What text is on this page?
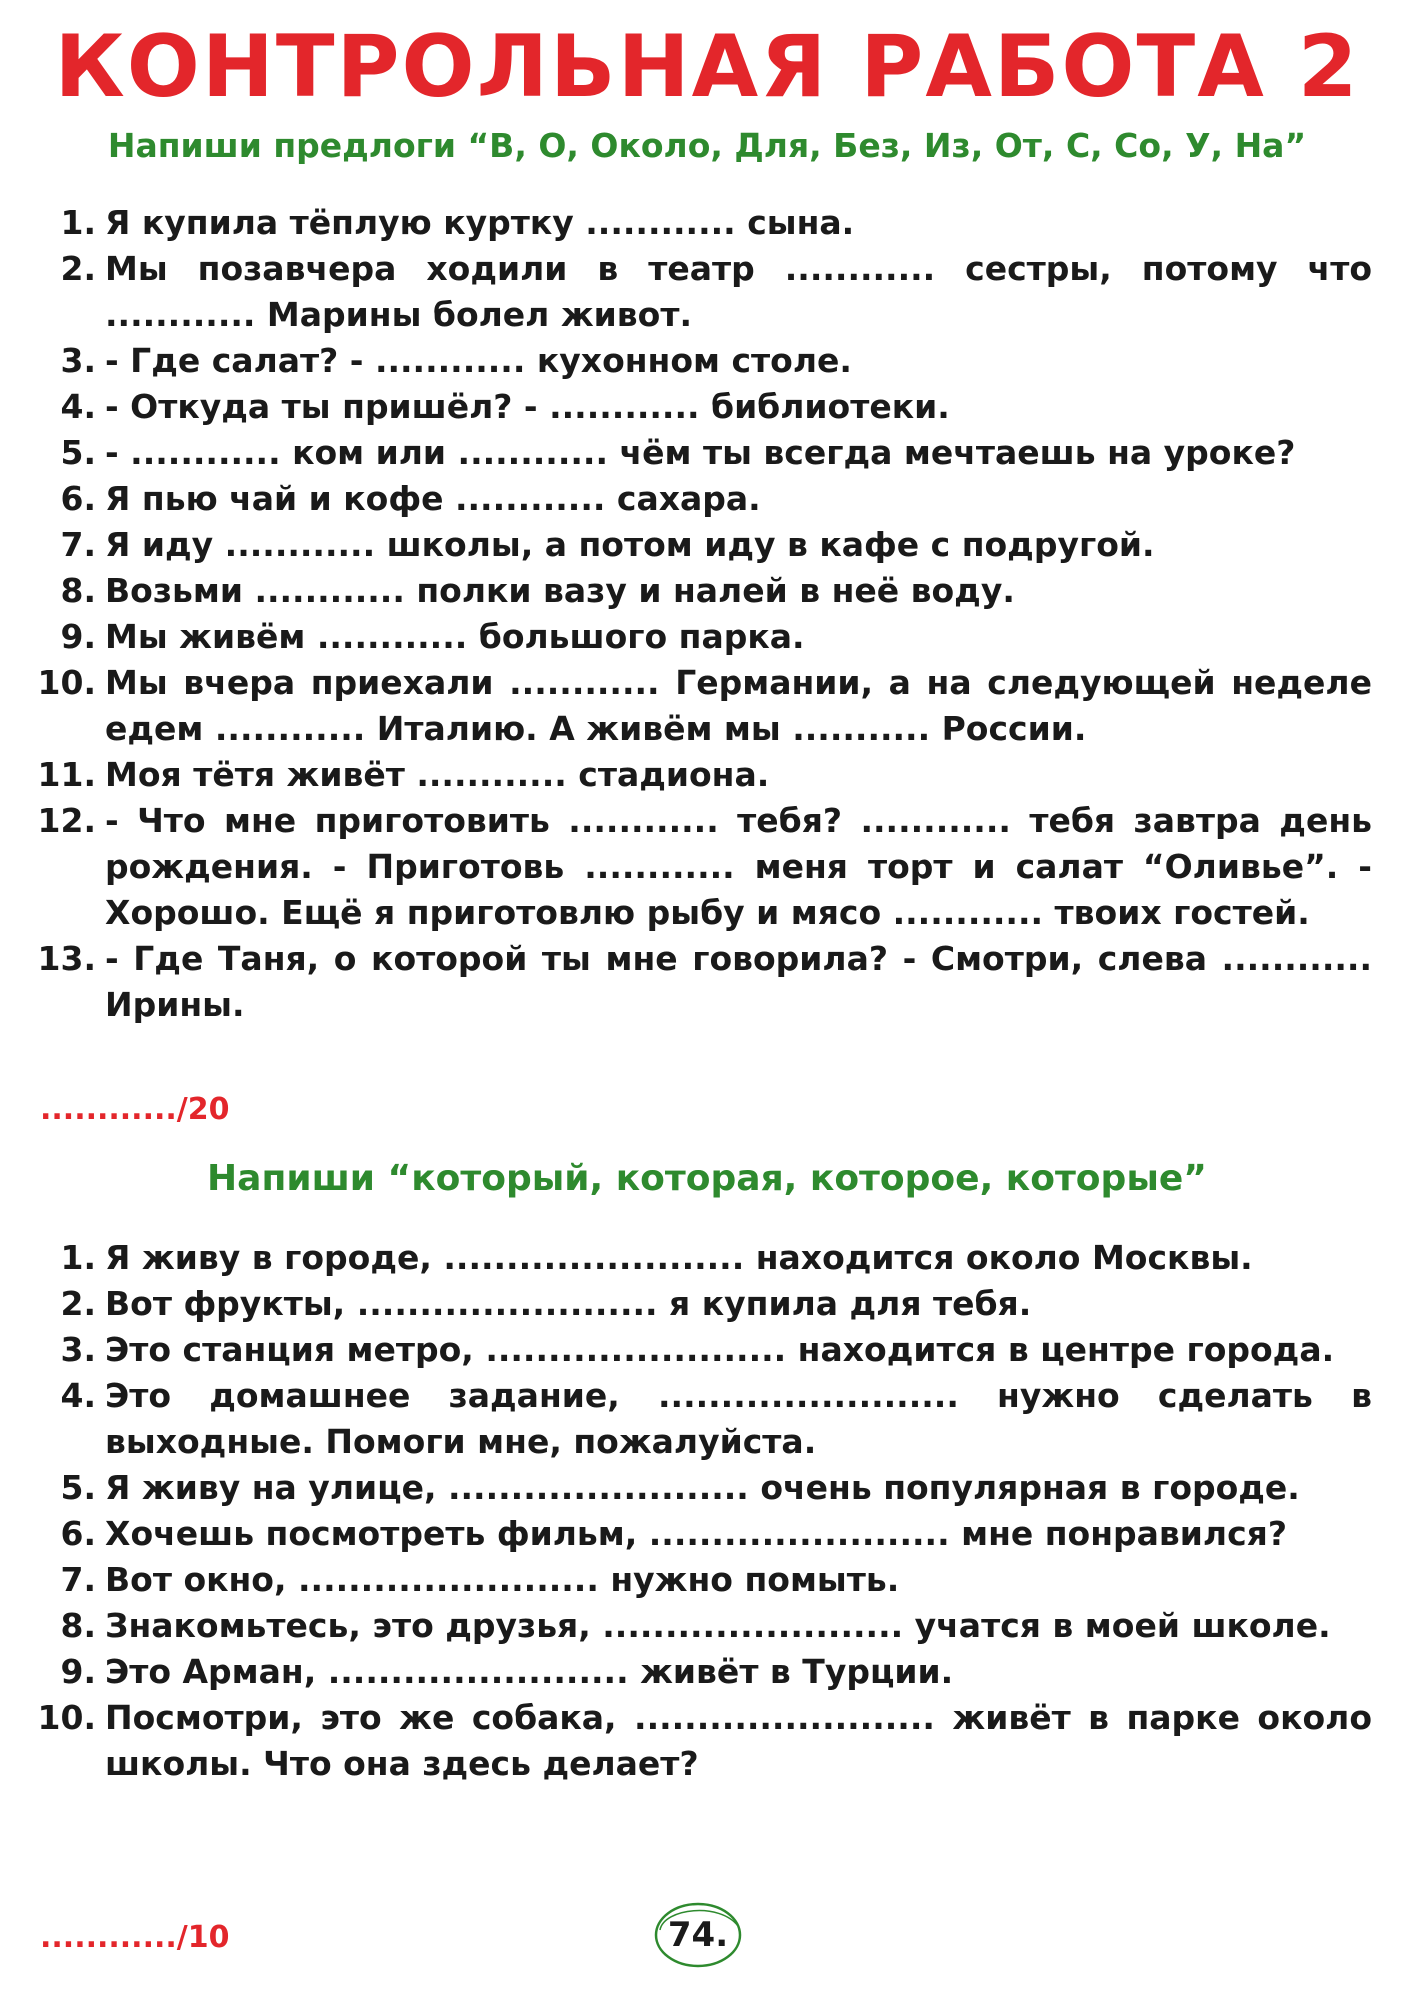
КОНТРОЛЬНАЯ РАБОТА 2
Напиши предлоги “В, О, Около, Для, Без, Из, От, С, Со, У, На”
1. Я купила тёплую куртку ............ сына.
2. Мы позавчера ходили в театр ............ сестры, потому что ............ Марины болел живот.
3. - Где салат? - ............ кухонном столе.
4. - Откуда ты пришёл? - ............ библиотеки.
5. - ............ ком или ............ чём ты всегда мечтаешь на уроке?
6. Я пью чай и кофе ............ сахара.
7. Я иду ............ школы, а потом иду в кафе с подругой.
8. Возьми ............ полки вазу и налей в неё воду.
9. Мы живём ............ большого парка.
10. Мы вчера приехали ............ Германии, а на следующей неделе едем ............ Италию. А живём мы ........... России.
11. Моя тётя живёт ............ стадиона.
12. - Что мне приготовить ............ тебя? ............ тебя завтра день рождения. - Приготовь ............ меня торт и салат “Оливье”. - Хорошо. Ещё я приготовлю рыбу и мясо ............ твоих гостей.
13. - Где Таня, о которой ты мне говорила? - Смотри, слева ............ Ирины.
............/20
Напиши “который, которая, которое, которые”
1. Я живу в городе, ........................ находится около Москвы.
2. Вот фрукты, ........................ я купила для тебя.
3. Это станция метро, ........................ находится в центре города.
4. Это домашнее задание, ........................ нужно сделать в выходные. Помоги мне, пожалуйста.
5. Я живу на улице, ........................ очень популярная в городе.
6. Хочешь посмотреть фильм, ........................ мне понравился?
7. Вот окно, ........................ нужно помыть.
8. Знакомьтесь, это друзья, ........................ учатся в моей школе.
9. Это Арман, ........................ живёт в Турции.
10. Посмотри, это же собака, ........................ живёт в парке около школы. Что она здесь делает?
............/10	74.
